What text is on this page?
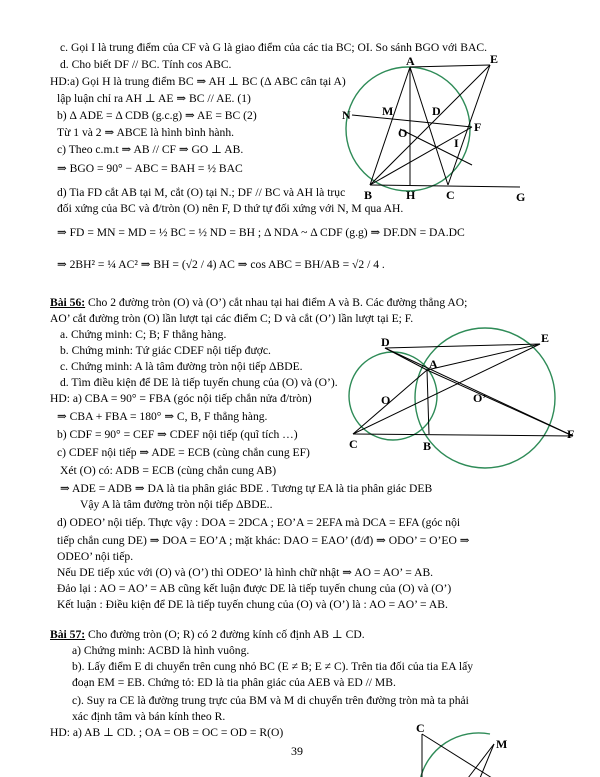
c. Gọi I là trung điểm của CF và G là giao điểm của các tia BC; OI. So sánh BGO với BAC.
d. Cho biết DF // BC. Tính cos ABC.
HD:a) Gọi H là trung điểm BC ⇒ AH ⊥ BC (Δ ABC cân tại A)
lập luận chỉ ra AH ⊥ AE ⇒ BC // AE. (1)
b) Δ ADE = Δ CDB (g.c.g) ⇒ AE = BC (2)
Từ 1 và 2 ⇒ ABCE là hình bình hành.
c) Theo c.m.t ⇒ AB // CF ⇒ GO ⊥ AB.
⇒ BGO = 90° − ABC = BAH = ½ BAC
d) Tia FD cắt AB tại M, cắt (O) tại N.; DF // BC và AH là trục
đối xứng của BC và đ/tròn (O) nên F, D thứ tự đối xứng với N, M qua AH.
⇒ FD = MN = MD = ½ BC = ½ ND = BH ; Δ NDA ~ Δ CDF (g.g) ⇒ DF.DN = DA.DC
⇒ 2BH² = ¼ AC² ⇒ BH = (√2 / 4) AC ⇒ cos ABC = BH/AB = √2 / 4 .
Bài 56: Cho 2 đường tròn (O) và (O’) cắt nhau tại hai điểm A và B. Các đường thẳng AO;
AO’ cắt đường tròn (O) lần lượt tại các điểm C; D và cắt (O’) lần lượt tại E; F.
a. Chứng minh: C; B; F thẳng hàng.
b. Chứng minh: Tứ giác CDEF nội tiếp được.
c. Chứng minh: A là tâm đường tròn nội tiếp ΔBDE.
d. Tìm điều kiện để DE là tiếp tuyến chung của (O) và (O’).
HD: a) CBA = 90° = FBA (góc nội tiếp chắn nửa đ/tròn)
⇒ CBA + FBA = 180° ⇒ C, B, F thẳng hàng.
b) CDF = 90° = CEF ⇒ CDEF nội tiếp (quĩ tích …)
c) CDEF nội tiếp ⇒ ADE = ECB (cùng chắn cung EF)
Xét (O) có: ADB = ECB (cùng chắn cung AB)
⇒ ADE = ADB ⇒ DA là tia phân giác BDE . Tương tự EA là tia phân giác DEB
Vậy A là tâm đường tròn nội tiếp ΔBDE..
d) ODEO’ nội tiếp. Thực vậy : DOA = 2DCA ; EO’A = 2EFA mà DCA = EFA (góc nội
tiếp chắn cung DE) ⇒ DOA = EO’A ; mặt khác: DAO = EAO’ (đ/đ) ⇒ ODO’ = O’EO ⇒
ODEO’ nội tiếp.
Nếu DE tiếp xúc với (O) và (O’) thì ODEO’ là hình chữ nhật ⇒ AO = AO’ = AB.
Đảo lại : AO = AO’ = AB cũng kết luận được DE là tiếp tuyến chung của (O) và (O’)
Kết luận : Điều kiện để DE là tiếp tuyến chung của (O) và (O’) là : AO = AO’ = AB.
Bài 57: Cho đường tròn (O; R) có 2 đường kính cố định AB ⊥ CD.
a) Chứng minh: ACBD là hình vuông.
b). Lấy điểm E di chuyển trên cung nhỏ BC (E ≠ B; E ≠ C). Trên tia đối của tia EA lấy
đoạn EM = EB. Chứng tỏ: ED là tia phân giác của AEB và ED // MB.
c). Suy ra CE là đường trung trực của BM và M di chuyển trên đường tròn mà ta phải
xác định tâm và bán kính theo R.
HD: a) AB ⊥ CD. ; OA = OB = OC = OD = R(O)
39
A	E
N	M	D
O	F
I
B	H	C	G
D
A
E
O	O’
C	B
F
C
M
